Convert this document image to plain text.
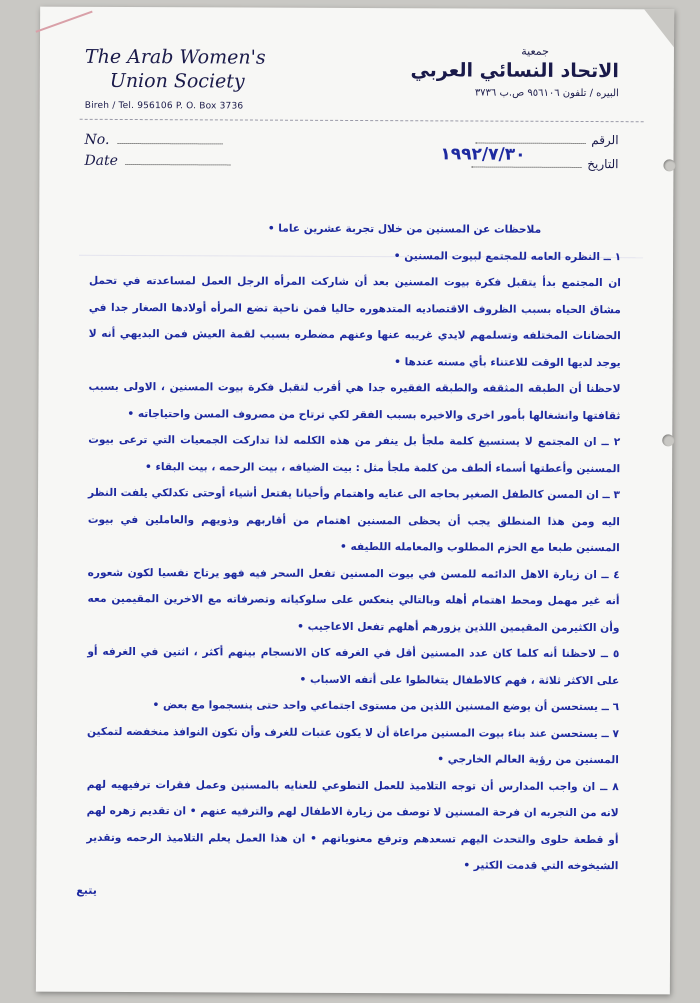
The Arab Women's
Union Society
Bireh / Tel. 956106 P. O. Box 3736
جمعية
الاتحاد النسائي العربي
البيره / تلفون ٩٥٦١٠٦ ص.ب ٣٧٣٦
No.
Date
الرقم
التاريخ
١٩٩٢/٧/٣٠

ملاحظات عن المسنين من خلال تجربة عشرين عاما •

١ ــ النظره العامه للمجتمع لبيوت المسنين •

ان المجتمع بدأ يتقبل فكرة بيوت المسنين بعد أن شاركت المرأه الرجل العمل لمساعدته في تحمل مشاق الحياه بسبب الظروف الاقتصاديه المتدهوره حاليا فمن ناحية تضع المرأه أولادها الصغار جدا في الحضانات المختلفه وتسلمهم لايدي غريبه عنها وعنهم مضطره بسبب لقمة العيش فمن البديهي أنه لا يوجد لديها الوقت للاعتناء بأي مسنه عندها •

لاحظنا أن الطبقه المثقفه والطبقه الفقيره جدا هي أقرب لتقبل فكرة بيوت المسنين ، الاولى بسبب ثقافتها وانشغالها بأمور اخرى والاخيره بسبب الفقر لكي ترتاح من مصروف المسن واحتياجاته •

٢ ــ ان المجتمع لا يستسيغ كلمة ملجأ بل ينفر من هذه الكلمه لذا تداركت الجمعيات التي ترعى بيوت المسنين وأعطتها أسماء ألطف من كلمة ملجأ مثل : بيت الضيافه ، بيت الرحمه ، بيت البقاء •

٣ ــ ان المسن كالطفل الصغير بحاجه الى عنايه واهتمام وأحيانا يفتعل أشياء أوحتى تكدلكي يلفت النظر اليه ومن هذا المنطلق يجب أن يحظى المسنين اهتمام من أقاربهم وذويهم والعاملين في بيوت المسنين طبعا مع الحزم المطلوب والمعامله اللطيفه •

٤ ــ ان زيارة الاهل الدائمه للمسن في بيوت المسنين تفعل السحر فيه فهو يرتاح نفسيا لكون شعوره أنه غير مهمل ومحط اهتمام أهله وبالتالي ينعكس على سلوكياته وتصرفاته مع الاخرين المقيمين معه وأن الكثيرمن المقيمين اللذين يزورهم أهلهم تفعل الاعاجيب •

٥ ــ لاحظنا أنه كلما كان عدد المسنين أقل في الغرفه كان الانسجام بينهم أكثر ، اثنين في الغرفه أو على الاكثر ثلاثة ، فهم كالاطفال يتغالطوا على أتفه الاسباب •

٦ ــ يستحسن أن يوضع المسنين اللذين من مستوى اجتماعي واحد حتى ينسجموا مع بعض •

٧ ــ يستحسن عند بناء بيوت المسنين مراعاة أن لا يكون عتبات للغرف وأن تكون النوافذ منخفضه لتمكين المسنين من رؤية العالم الخارجي •

٨ ــ ان واجب المدارس أن توجه التلاميذ للعمل التطوعي للعنايه بالمسنين وعمل فقرات ترفيهيه لهم لانه من التجربه ان فرحة المسنين لا توصف من زيارة الاطفال لهم والترفيه عنهم • ان تقديم زهره لهم أو قطعة حلوى والتحدث اليهم تسعدهم وترفع معنوياتهم • ان هذا العمل يعلم التلاميذ الرحمه وتقدير الشيخوخه التي قدمت الكثير •

يتبع
